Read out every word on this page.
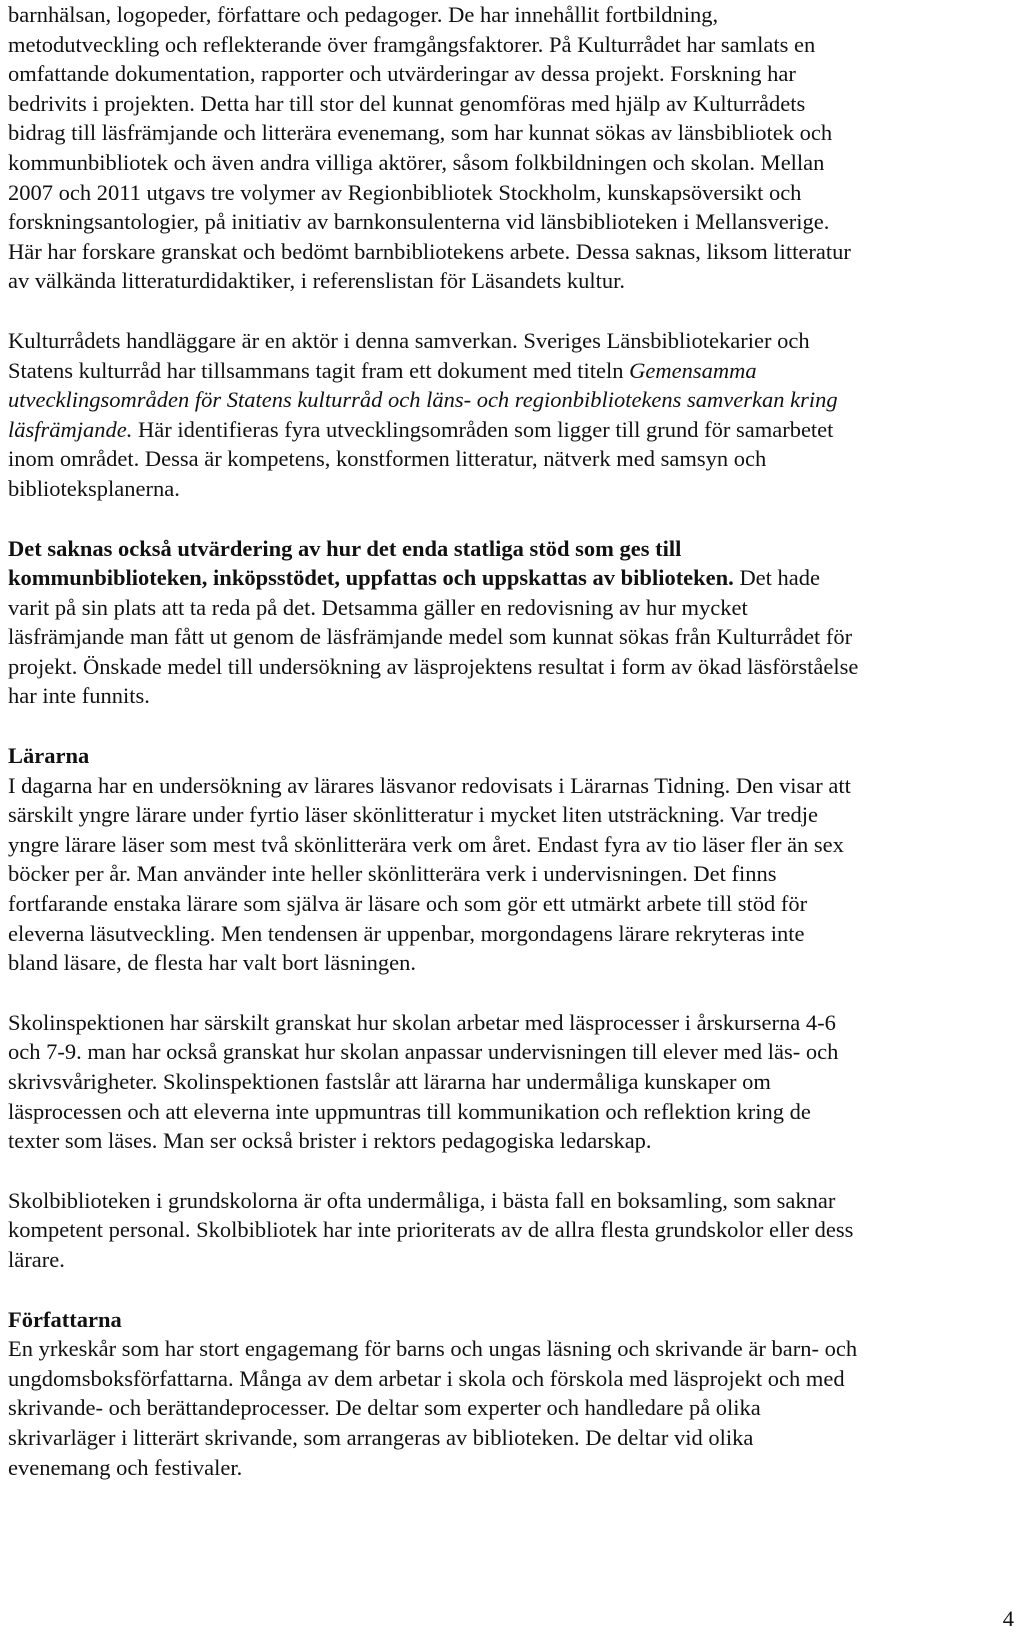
barnhälsan, logopeder, författare och pedagoger. De har innehållit fortbildning,
metodutveckling och reflekterande över framgångsfaktorer. På Kulturrådet har samlats en
omfattande dokumentation, rapporter och utvärderingar av dessa projekt. Forskning har
bedrivits i projekten. Detta har till stor del kunnat genomföras med hjälp av Kulturrådets
bidrag till läsfrämjande och litterära evenemang, som har kunnat sökas av länsbibliotek och
kommunbibliotek och även andra villiga aktörer, såsom folkbildningen och skolan. Mellan
2007 och 2011 utgavs tre volymer av Regionbibliotek Stockholm, kunskapsöversikt och
forskningsantologier, på initiativ av barnkonsulenterna vid länsbiblioteken i Mellansverige.
Här har forskare granskat och bedömt barnbibliotekens arbete. Dessa saknas, liksom litteratur
av välkända litteraturdidaktiker, i referenslistan för Läsandets kultur.

Kulturrådets handläggare är en aktör i denna samverkan. Sveriges Länsbibliotekarier och
Statens kulturråd har tillsammans tagit fram ett dokument med titeln Gemensamma
utvecklingsområden för Statens kulturråd och läns- och regionbibliotekens samverkan kring
läsfrämjande. Här identifieras fyra utvecklingsområden som ligger till grund för samarbetet
inom området. Dessa är kompetens, konstformen litteratur, nätverk med samsyn och
biblioteksplanerna.

Det saknas också utvärdering av hur det enda statliga stöd som ges till
kommunbiblioteken, inköpsstödet, uppfattas och uppskattas av biblioteken. Det hade
varit på sin plats att ta reda på det. Detsamma gäller en redovisning av hur mycket
läsfrämjande man fått ut genom de läsfrämjande medel som kunnat sökas från Kulturrådet för
projekt. Önskade medel till undersökning av läsprojektens resultat i form av ökad läsförståelse
har inte funnits.

Lärarna

I dagarna har en undersökning av lärares läsvanor redovisats i Lärarnas Tidning. Den visar att
särskilt yngre lärare under fyrtio läser skönlitteratur i mycket liten utsträckning. Var tredje
yngre lärare läser som mest två skönlitterära verk om året. Endast fyra av tio läser fler än sex
böcker per år. Man använder inte heller skönlitterära verk i undervisningen. Det finns
fortfarande enstaka lärare som själva är läsare och som gör ett utmärkt arbete till stöd för
eleverna läsutveckling. Men tendensen är uppenbar, morgondagens lärare rekryteras inte
bland läsare, de flesta har valt bort läsningen.

Skolinspektionen har särskilt granskat hur skolan arbetar med läsprocesser i årskurserna 4-6
och 7-9. man har också granskat hur skolan anpassar undervisningen till elever med läs- och
skrivsvårigheter. Skolinspektionen fastslår att lärarna har undermåliga kunskaper om
läsprocessen och att eleverna inte uppmuntras till kommunikation och reflektion kring de
texter som läses. Man ser också brister i rektors pedagogiska ledarskap.

Skolbiblioteken i grundskolorna är ofta undermåliga, i bästa fall en boksamling, som saknar
kompetent personal. Skolbibliotek har inte prioriterats av de allra flesta grundskolor eller dess
lärare.

Författarna

En yrkeskår som har stort engagemang för barns och ungas läsning och skrivande är barn- och
ungdomsboksförfattarna. Många av dem arbetar i skola och förskola med läsprojekt och med
skrivande- och berättandeprocesser. De deltar som experter och handledare på olika
skrivarläger i litterärt skrivande, som arrangeras av biblioteken. De deltar vid olika
evenemang och festivaler.

4
